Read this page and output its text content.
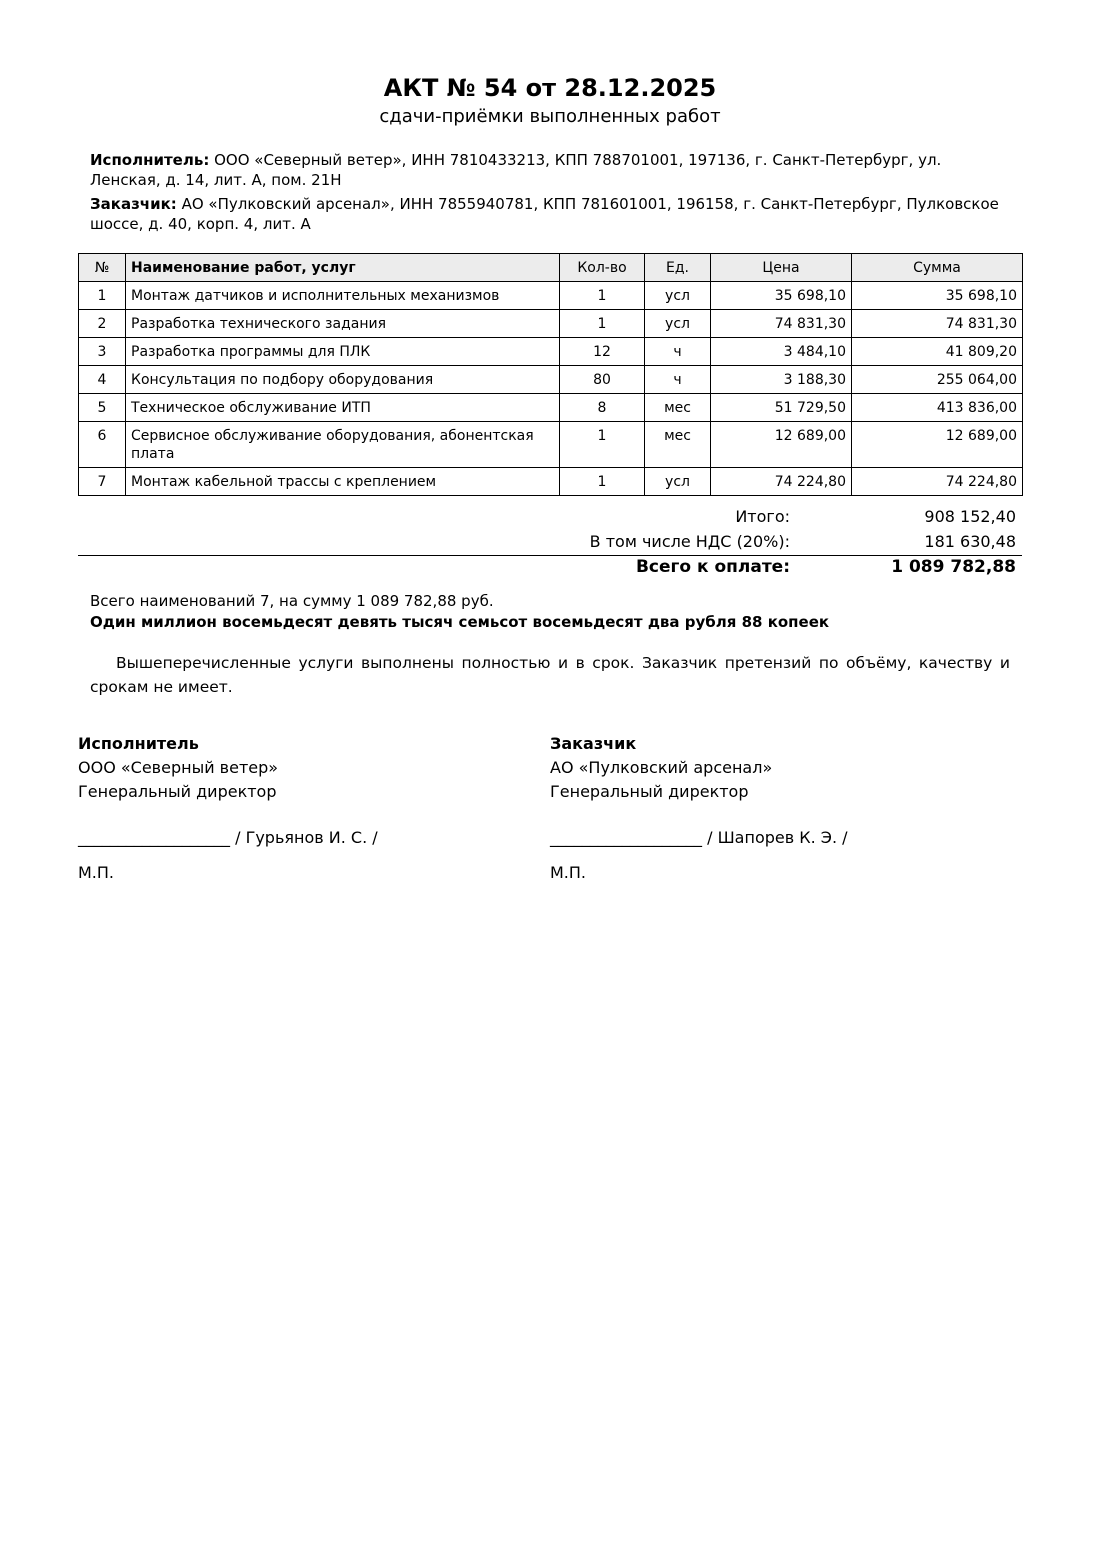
АКТ № 54 от 28.12.2025
сдачи-приёмки выполненных работ
Исполнитель: ООО «Северный ветер», ИНН 7810433213, КПП 788701001, 197136, г. Санкт-Петербург, ул. Ленская, д. 14, лит. А, пом. 21Н
Заказчик: АО «Пулковский арсенал», ИНН 7855940781, КПП 781601001, 196158, г. Санкт-Петербург, Пулковское шоссе, д. 40, корп. 4, лит. А
№	Наименование работ, услуг	Кол-во	Ед.	Цена	Сумма
1	Монтаж датчиков и исполнительных механизмов	1	усл	35 698,10	35 698,10
2	Разработка технического задания	1	усл	74 831,30	74 831,30
3	Разработка программы для ПЛК	12	ч	3 484,10	41 809,20
4	Консультация по подбору оборудования	80	ч	3 188,30	255 064,00
5	Техническое обслуживание ИТП	8	мес	51 729,50	413 836,00
6	Сервисное обслуживание оборудования, абонентская плата	1	мес	12 689,00	12 689,00
7	Монтаж кабельной трассы с креплением	1	усл	74 224,80	74 224,80
Итого:	908 152,40
В том числе НДС (20%):	181 630,48
Всего к оплате:	1 089 782,88
Всего наименований 7, на сумму 1 089 782,88 руб.
Один миллион восемьдесят девять тысяч семьсот восемьдесят два рубля 88 копеек
Вышеперечисленные услуги выполнены полностью и в срок. Заказчик претензий по объёму, качеству и срокам не имеет.
Исполнитель
ООО «Северный ветер»
Генеральный директор
___________________ / Гурьянов И. С. /
М.П.
Заказчик
АО «Пулковский арсенал»
Генеральный директор
___________________ / Шапорев К. Э. /
М.П.
